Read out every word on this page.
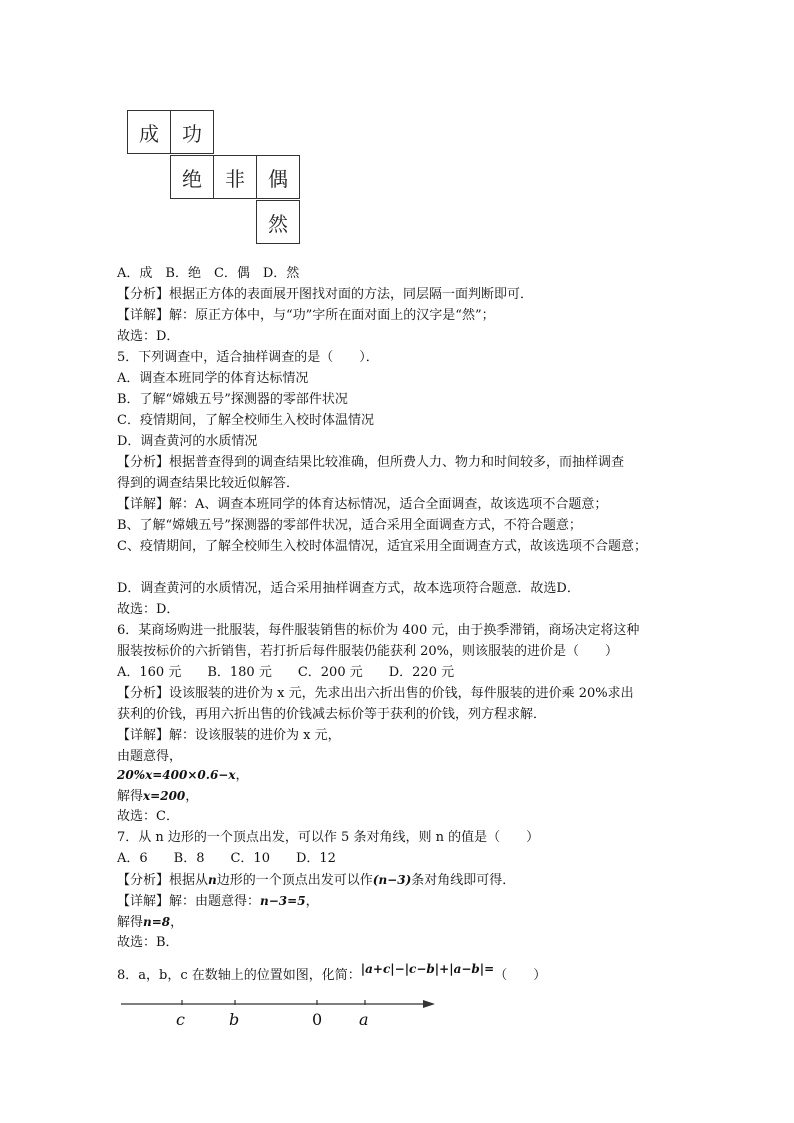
成 功
绝 非 偶
然
A．成　B．绝　C．偶　D．然
【分析】根据正方体的表面展开图找对面的方法，同层隔一面判断即可．
【详解】解：原正方体中，与“功”字所在面对面上的汉字是“然”；
故选：D．
5．下列调查中，适合抽样调查的是（　　）．
A．调查本班同学的体育达标情况
B．了解“嫦娥五号”探测器的零部件状况
C．疫情期间，了解全校师生入校时体温情况
D．调查黄河的水质情况
【分析】根据普查得到的调查结果比较准确，但所费人力、物力和时间较多，而抽样调查
得到的调查结果比较近似解答．
【详解】解：A、调查本班同学的体育达标情况，适合全面调查，故该选项不合题意；
B、了解“嫦娥五号”探测器的零部件状况，适合采用全面调查方式，不符合题意；
C、疫情期间，了解全校师生入校时体温情况，适宜采用全面调查方式，故该选项不合题意；
D．调查黄河的水质情况，适合采用抽样调查方式，故本选项符合题意．故选D．
故选：D．
6．某商场购进一批服装，每件服装销售的标价为 400 元，由于换季滞销，商场决定将这种
服装按标价的六折销售，若打折后每件服装仍能获利 20%，则该服装的进价是（　　）
A．160 元　　B．180 元　　C．200 元　　D．220 元
【分析】设该服装的进价为 x 元，先求出出六折出售的价钱，每件服装的进价乘 20%求出
获利的价钱，再用六折出售的价钱减去标价等于获利的价钱，列方程求解．
【详解】解：设该服装的进价为 x 元，
由题意得，
20%x=400×0.6−x，
解得x=200，
故选：C．
7．从 n 边形的一个顶点出发，可以作 5 条对角线，则 n 的值是（　　）
A．6　　B．8　　C．10　　D．12
【分析】根据从n边形的一个顶点出发可以作(n−3)条对角线即可得．
【详解】解：由题意得：n−3=5，
解得n=8，
故选：B．
8．a，b，c 在数轴上的位置如图，化简：|a+c|−|c−b|+|a−b|=（　　）
c	b	0 a
